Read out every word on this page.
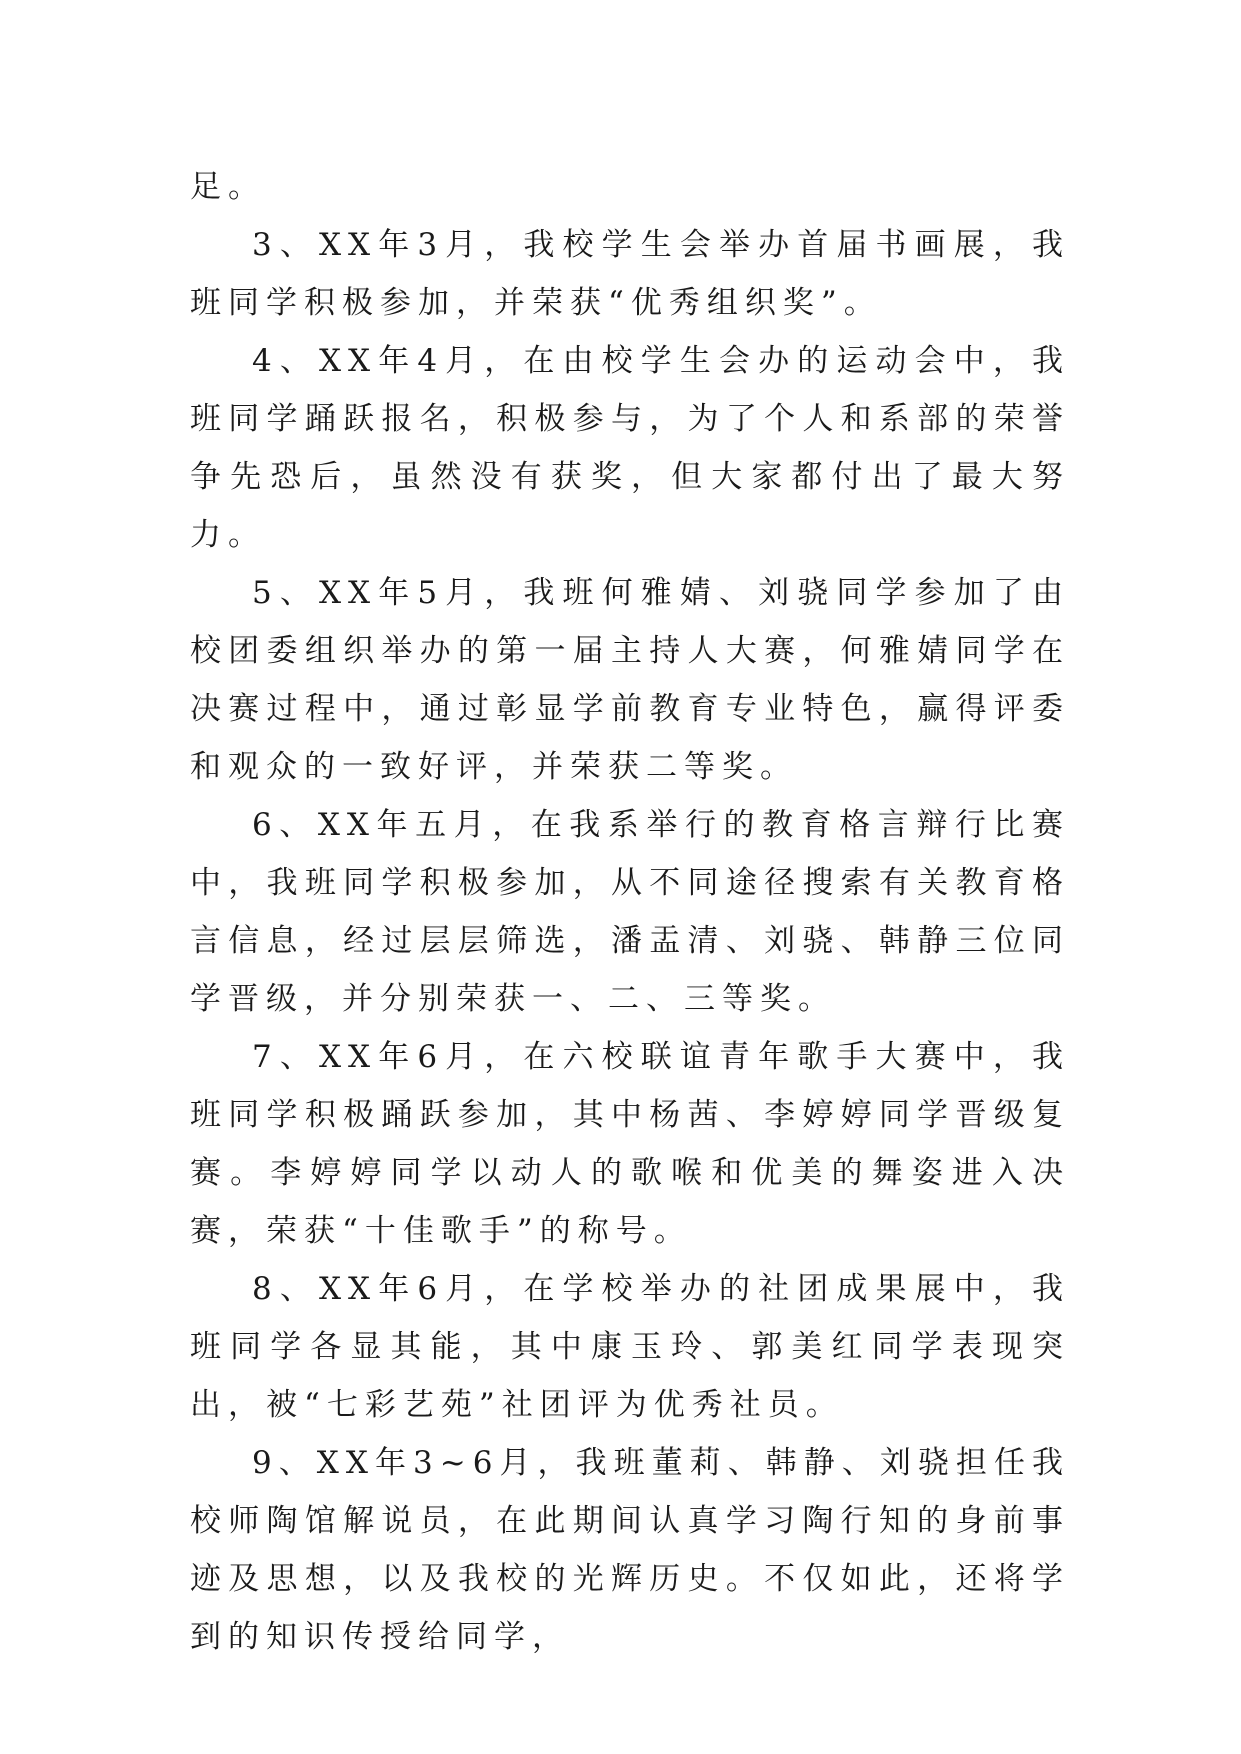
足。

3、XX年3月，我校学生会举办首届书画展，我班同学积极参加，并荣获“优秀组织奖”。

4、XX年4月，在由校学生会办的运动会中，我班同学踊跃报名，积极参与，为了个人和系部的荣誉争先恐后，虽然没有获奖，但大家都付出了最大努力。

5、XX年5月，我班何雅婧、刘骁同学参加了由校团委组织举办的第一届主持人大赛，何雅婧同学在决赛过程中，通过彰显学前教育专业特色，赢得评委和观众的一致好评，并荣获二等奖。

6、XX年五月，在我系举行的教育格言辩行比赛中，我班同学积极参加，从不同途径搜索有关教育格言信息，经过层层筛选，潘盂清、刘骁、韩静三位同学晋级，并分别荣获一、二、三等奖。

7、XX年6月，在六校联谊青年歌手大赛中，我班同学积极踊跃参加，其中杨茜、李婷婷同学晋级复赛。李婷婷同学以动人的歌喉和优美的舞姿进入决赛，荣获“十佳歌手”的称号。

8、XX年6月，在学校举办的社团成果展中，我班同学各显其能，其中康玉玲、郭美红同学表现突出，被“七彩艺苑”社团评为优秀社员。

9、XX年3~6月，我班董莉、韩静、刘骁担任我校师陶馆解说员，在此期间认真学习陶行知的身前事迹及思想，以及我校的光辉历史。不仅如此，还将学到的知识传授给同学，
